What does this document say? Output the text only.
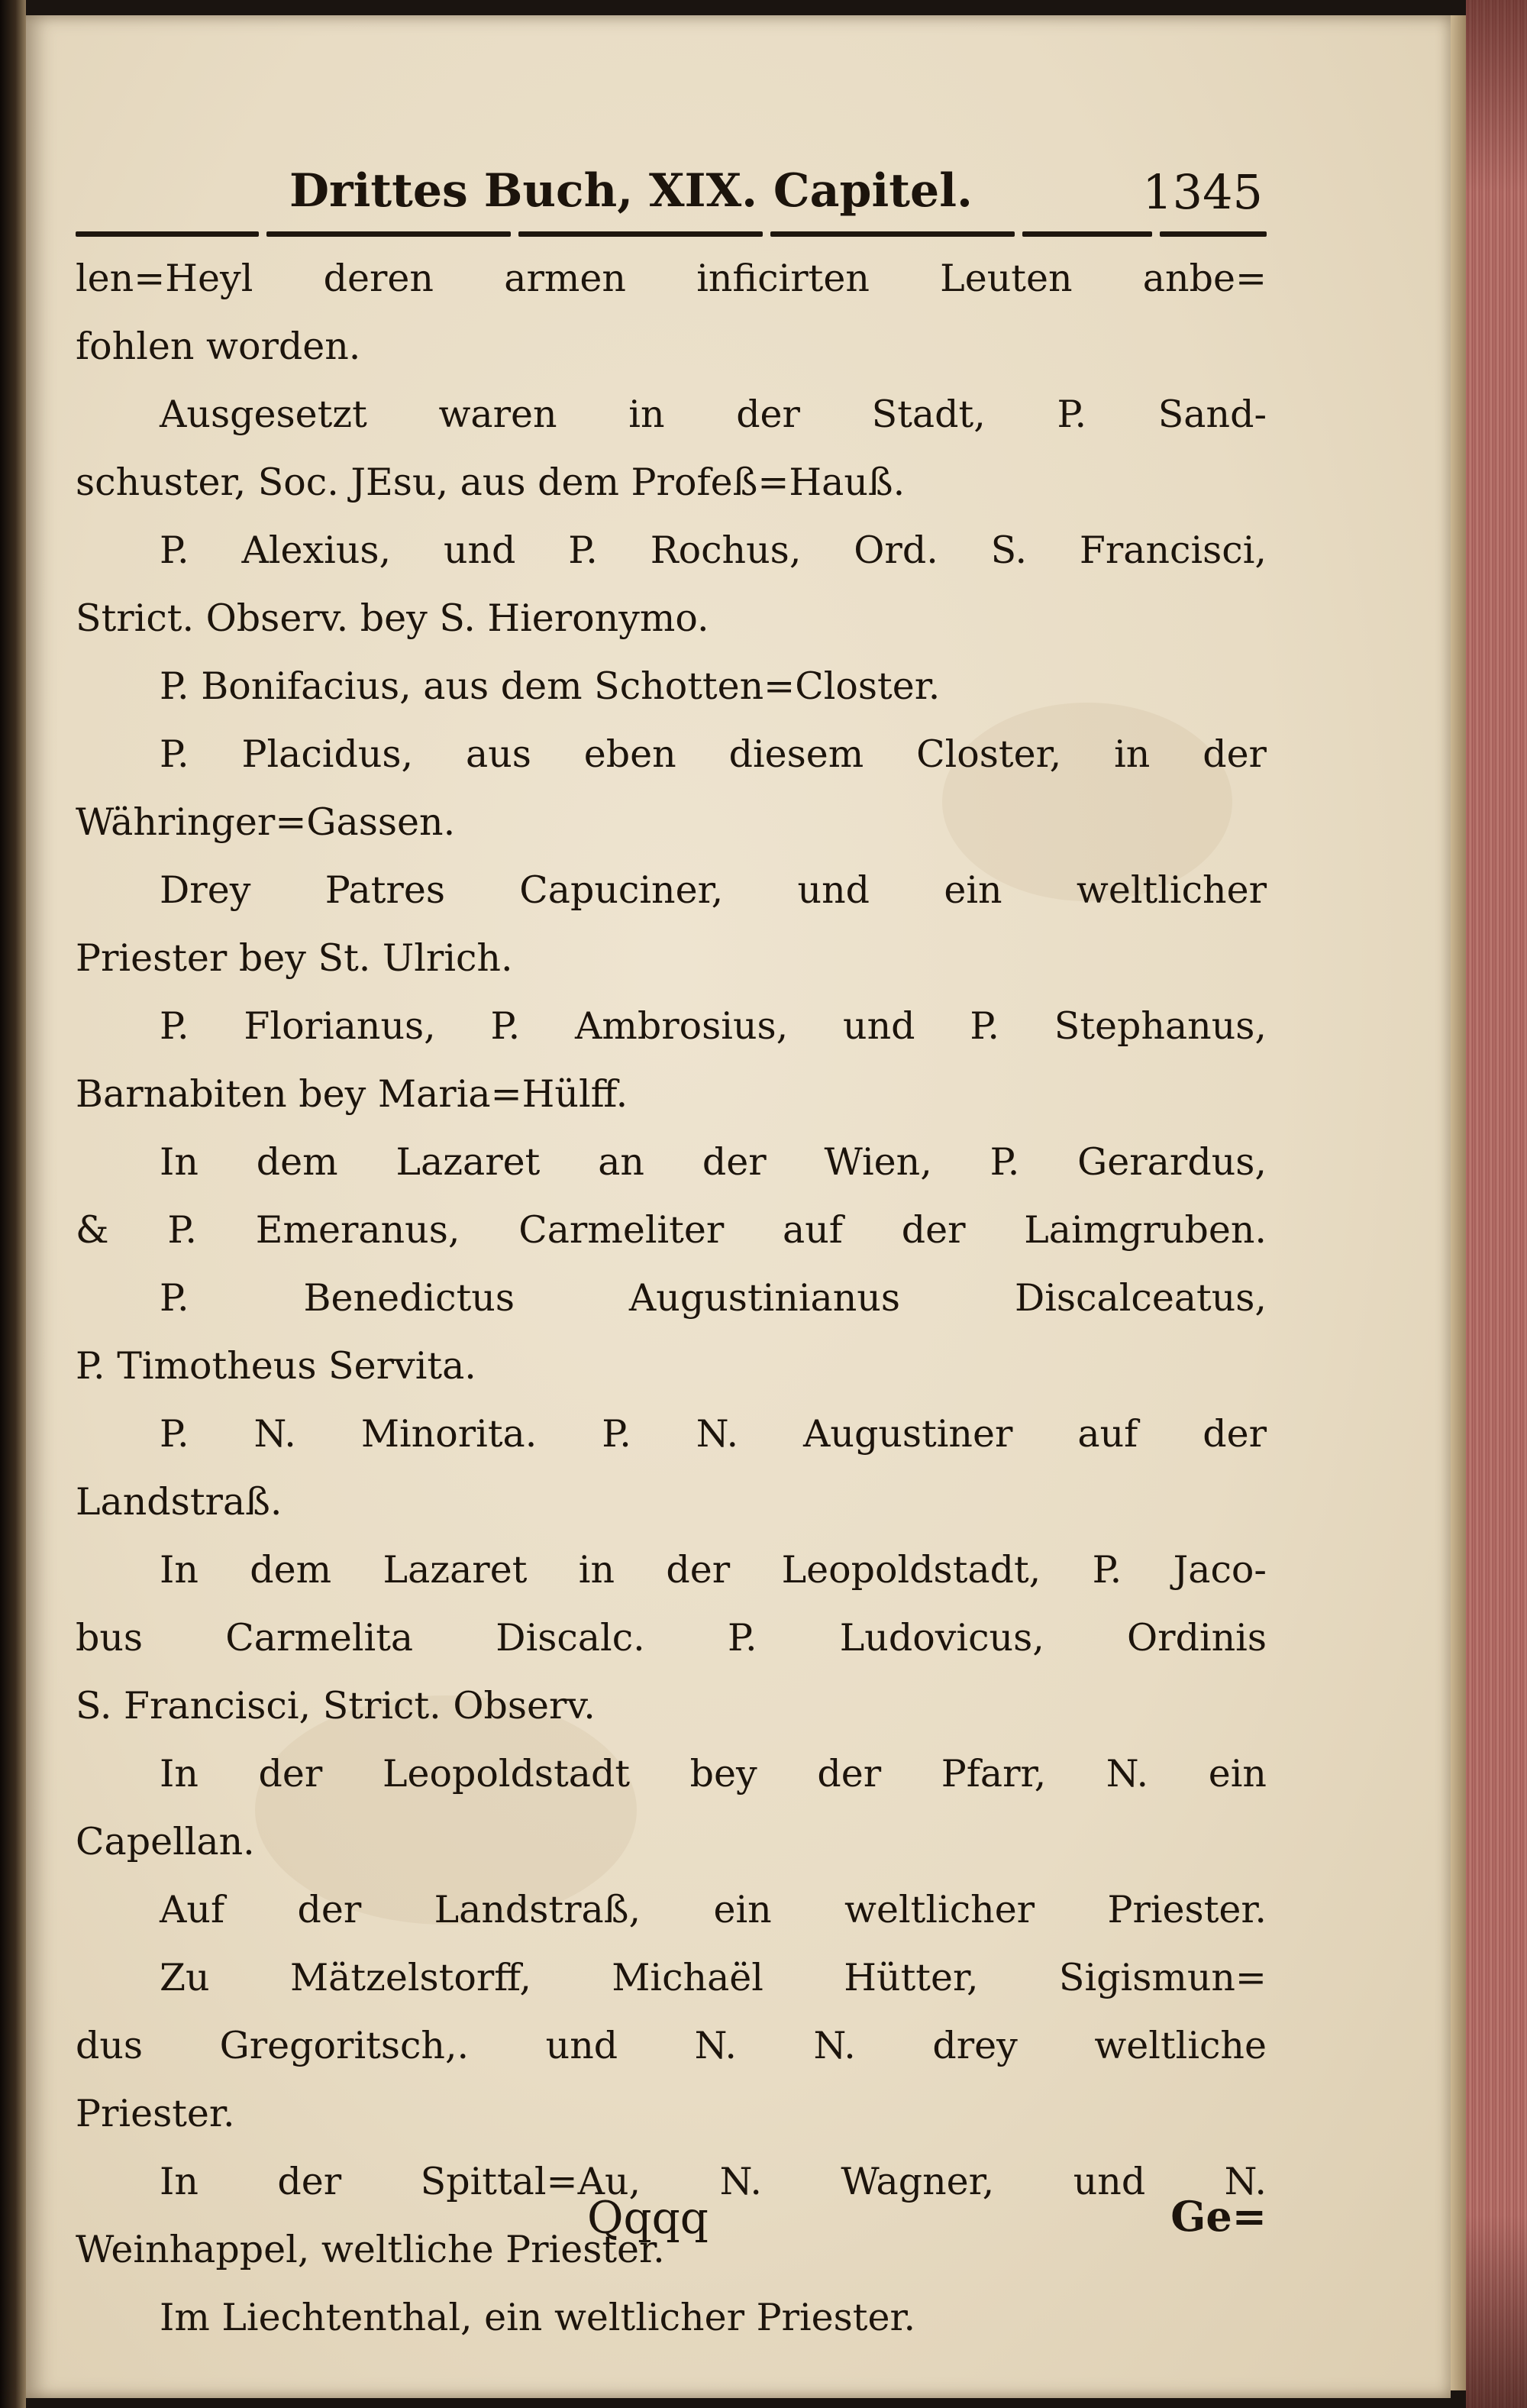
Drittes Buch, XIX. Capitel.	1345
len=Heyl deren armen inficirten Leuten anbe=
fohlen worden.
Ausgesetzt waren in der Stadt, P. Sand-
schuster, Soc. JEsu, aus dem Profeß=Hauß.
P. Alexius, und P. Rochus, Ord. S. Francisci,
Strict. Observ. bey S. Hieronymo.
P. Bonifacius, aus dem Schotten=Closter.
P. Placidus, aus eben diesem Closter, in der
Währinger=Gassen.
Drey Patres Capuciner, und ein weltlicher
Priester bey St. Ulrich.
P. Florianus, P. Ambrosius, und P. Stephanus,
Barnabiten bey Maria=Hülff.
In dem Lazaret an der Wien, P. Gerardus,
& P. Emeranus, Carmeliter auf der Laimgruben.
P. Benedictus Augustinianus Discalceatus,
P. Timotheus Servita.
P. N. Minorita. P. N. Augustiner auf der
Landstraß.
In dem Lazaret in der Leopoldstadt, P. Jaco-
bus Carmelita Discalc. P. Ludovicus, Ordinis
S. Francisci, Strict. Observ.
In der Leopoldstadt bey der Pfarr, N. ein
Capellan.
Auf der Landstraß, ein weltlicher Priester.
Zu Mätzelstorff, Michaël Hütter, Sigismun=
dus Gregoritsch,. und N. N. drey weltliche
Priester.
In der Spittal=Au, N. Wagner, und N.
Weinhappel, weltliche Priester.
Im Liechtenthal, ein weltlicher Priester.
Qqqq	Ge=
